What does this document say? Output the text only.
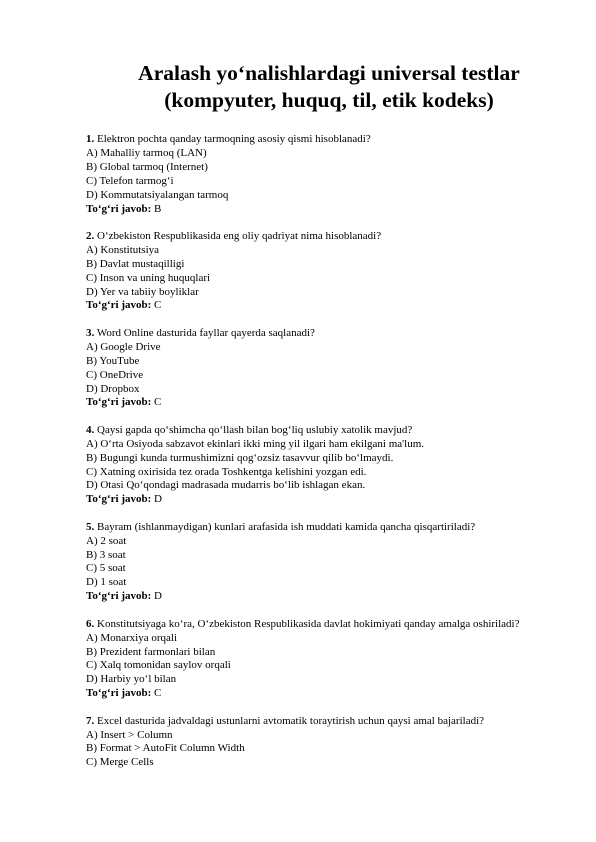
Aralash yo‘nalishlardagi universal testlar
(kompyuter, huquq, til, etik kodeks)

1. Elektron pochta qanday tarmoqning asosiy qismi hisoblanadi?

A) Mahalliy tarmoq (LAN)

B) Global tarmoq (Internet)

C) Telefon tarmog‘i

D) Kommutatsiyalangan tarmoq

To‘g‘ri javob: B

2. O‘zbekiston Respublikasida eng oliy qadriyat nima hisoblanadi?

A) Konstitutsiya

B) Davlat mustaqilligi

C) Inson va uning huquqlari

D) Yer va tabiiy boyliklar

To‘g‘ri javob: C

3. Word Online dasturida fayllar qayerda saqlanadi?

A) Google Drive

B) YouTube

C) OneDrive

D) Dropbox

To‘g‘ri javob: C

4. Qaysi gapda qo‘shimcha qo‘llash bilan bog‘liq uslubiy xatolik mavjud?

A) O‘rta Osiyoda sabzavot ekinlari ikki ming yil ilgari ham ekilgani ma'lum.

B) Bugungi kunda turmushimizni qog‘ozsiz tasavvur qilib bo‘lmaydi.

C) Xatning oxirisida tez orada Toshkentga kelishini yozgan edi.

D) Otasi Qo‘qondagi madrasada mudarris bo‘lib ishlagan ekan.

To‘g‘ri javob: D

5. Bayram (ishlanmaydigan) kunlari arafasida ish muddati kamida qancha qisqartiriladi?

A) 2 soat

B) 3 soat

C) 5 soat

D) 1 soat

To‘g‘ri javob: D

6. Konstitutsiyaga ko‘ra, O‘zbekiston Respublikasida davlat hokimiyati qanday amalga oshiriladi?

A) Monarxiya orqali

B) Prezident farmonlari bilan

C) Xalq tomonidan saylov orqali

D) Harbiy yo‘l bilan

To‘g‘ri javob: C

7. Excel dasturida jadvaldagi ustunlarni avtomatik toraytirish uchun qaysi amal bajariladi?

A) Insert > Column

B) Format > AutoFit Column Width

C) Merge Cells
